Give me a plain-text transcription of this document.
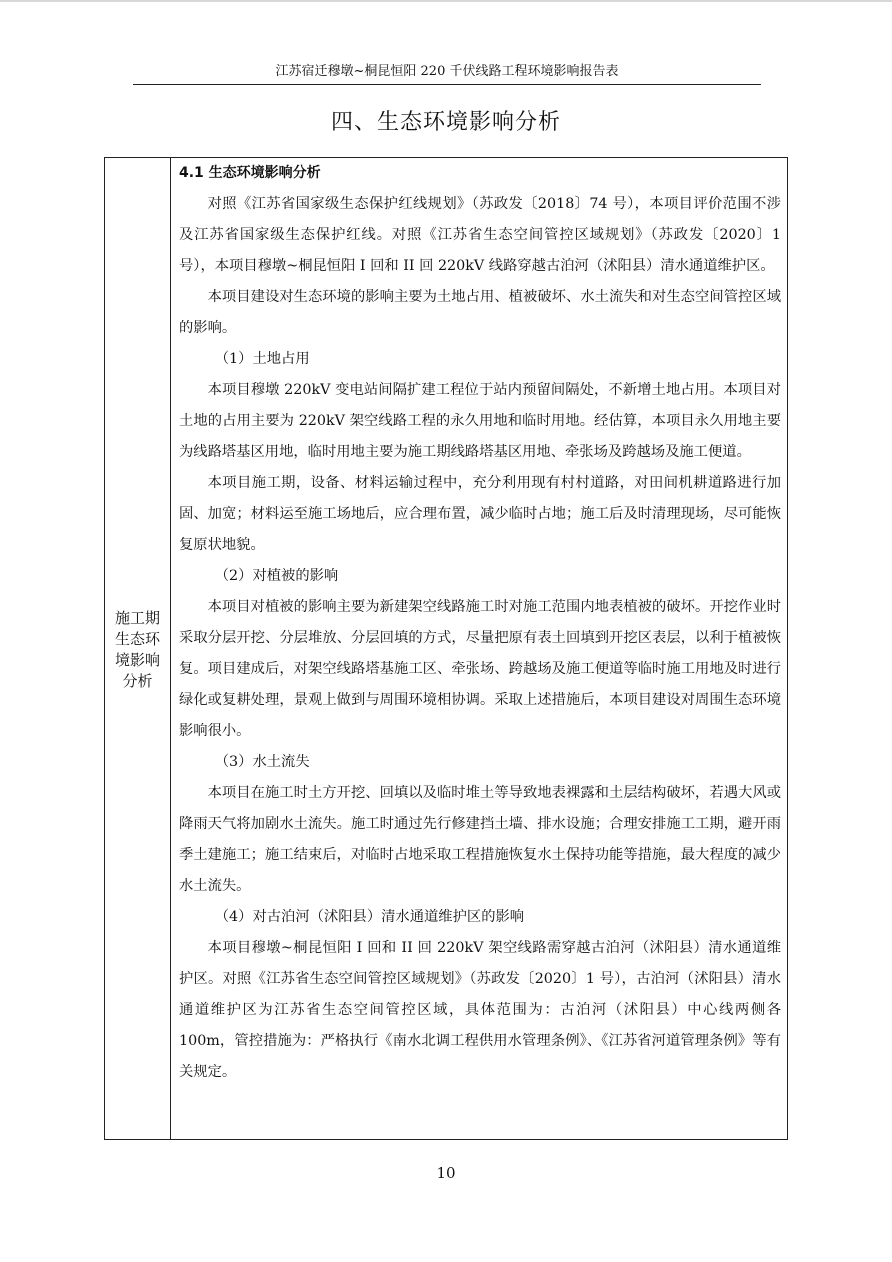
江苏宿迁穆墩~桐昆恒阳 220 千伏线路工程环境影响报告表
四、生态环境影响分析
施工期生态环境影响分析

4.1 生态环境影响分析

对照《江苏省国家级生态保护红线规划》（苏政发〔2018〕74 号），本项目评价范围不涉及江苏省国家级生态保护红线。对照《江苏省生态空间管控区域规划》（苏政发〔2020〕1 号），本项目穆墩~桐昆恒阳 I 回和 II 回 220kV 线路穿越古泊河（沭阳县）清水通道维护区。

本项目建设对生态环境的影响主要为土地占用、植被破坏、水土流失和对生态空间管控区域的影响。

（1）土地占用

本项目穆墩 220kV 变电站间隔扩建工程位于站内预留间隔处，不新增土地占用。本项目对土地的占用主要为 220kV 架空线路工程的永久用地和临时用地。经估算，本项目永久用地主要为线路塔基区用地，临时用地主要为施工期线路塔基区用地、牵张场及跨越场及施工便道。

本项目施工期，设备、材料运输过程中，充分利用现有村村道路，对田间机耕道路进行加固、加宽；材料运至施工场地后，应合理布置，减少临时占地；施工后及时清理现场，尽可能恢复原状地貌。

（2）对植被的影响

本项目对植被的影响主要为新建架空线路施工时对施工范围内地表植被的破坏。开挖作业时采取分层开挖、分层堆放、分层回填的方式，尽量把原有表土回填到开挖区表层，以利于植被恢复。项目建成后，对架空线路塔基施工区、牵张场、跨越场及施工便道等临时施工用地及时进行绿化或复耕处理，景观上做到与周围环境相协调。采取上述措施后，本项目建设对周围生态环境影响很小。

（3）水土流失

本项目在施工时土方开挖、回填以及临时堆土等导致地表裸露和土层结构破坏，若遇大风或降雨天气将加剧水土流失。施工时通过先行修建挡土墙、排水设施；合理安排施工工期，避开雨季土建施工；施工结束后，对临时占地采取工程措施恢复水土保持功能等措施，最大程度的减少水土流失。

（4）对古泊河（沭阳县）清水通道维护区的影响

本项目穆墩~桐昆恒阳 I 回和 II 回 220kV 架空线路需穿越古泊河（沭阳县）清水通道维护区。对照《江苏省生态空间管控区域规划》（苏政发〔2020〕1 号），古泊河（沭阳县）清水通道维护区为江苏省生态空间管控区域，具体范围为：古泊河（沭阳县）中心线两侧各 100m，管控措施为：严格执行《南水北调工程供用水管理条例》、《江苏省河道管理条例》等有关规定。

10
